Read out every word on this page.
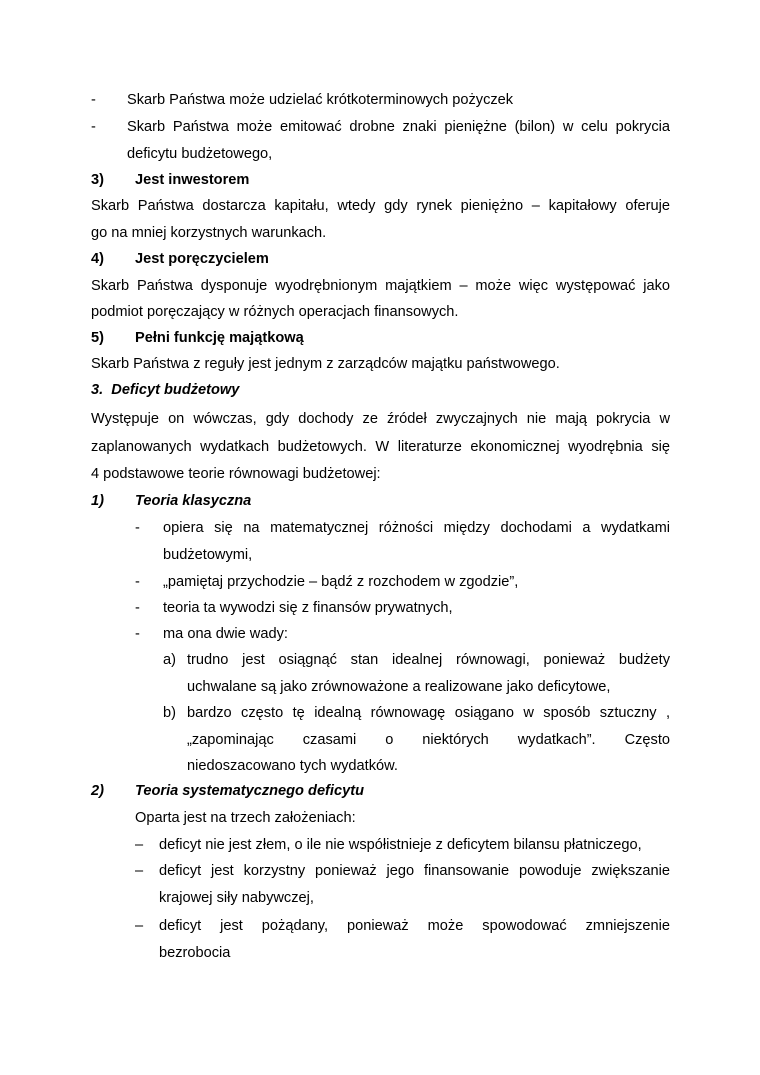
- Skarb Państwa może udzielać krótkoterminowych pożyczek
- Skarb Państwa może emitować drobne znaki pieniężne (bilon) w celu pokrycia
deficytu budżetowego,
3) Jest inwestorem
Skarb Państwa dostarcza kapitału, wtedy gdy rynek pieniężno – kapitałowy oferuje
go na mniej korzystnych warunkach.
4) Jest poręczycielem
Skarb Państwa dysponuje wyodrębnionym majątkiem – może więc występować jako
podmiot poręczający w różnych operacjach finansowych.
5) Pełni funkcję majątkową
Skarb Państwa z reguły jest jednym z zarządców majątku państwowego.
3.  Deficyt budżetowy
Występuje on wówczas, gdy dochody ze źródeł zwyczajnych nie mają pokrycia w
zaplanowanych wydatkach budżetowych. W literaturze ekonomicznej wyodrębnia się
4 podstawowe teorie równowagi budżetowej:
1) Teoria klasyczna
- opiera się na matematycznej różności między dochodami a wydatkami
budżetowymi,
- „pamiętaj przychodzie – bądź z rozchodem w zgodzie”,
- teoria ta wywodzi się z finansów prywatnych,
- ma ona dwie wady:
a) trudno jest osiągnąć stan idealnej równowagi, ponieważ budżety
uchwalane są jako zrównoważone a realizowane jako deficytowe,
b) bardzo często tę idealną równowagę osiągano w sposób sztuczny ,
„zapominając czasami o niektórych wydatkach”. Często
niedoszacowano tych wydatków.
2) Teoria systematycznego deficytu
Oparta jest na trzech założeniach:
– deficyt nie jest złem, o ile nie współistnieje z deficytem bilansu płatniczego,
– deficyt jest korzystny ponieważ jego finansowanie powoduje zwiększanie
krajowej siły nabywczej,
– deficyt jest pożądany, ponieważ może spowodować zmniejszenie
bezrobocia
